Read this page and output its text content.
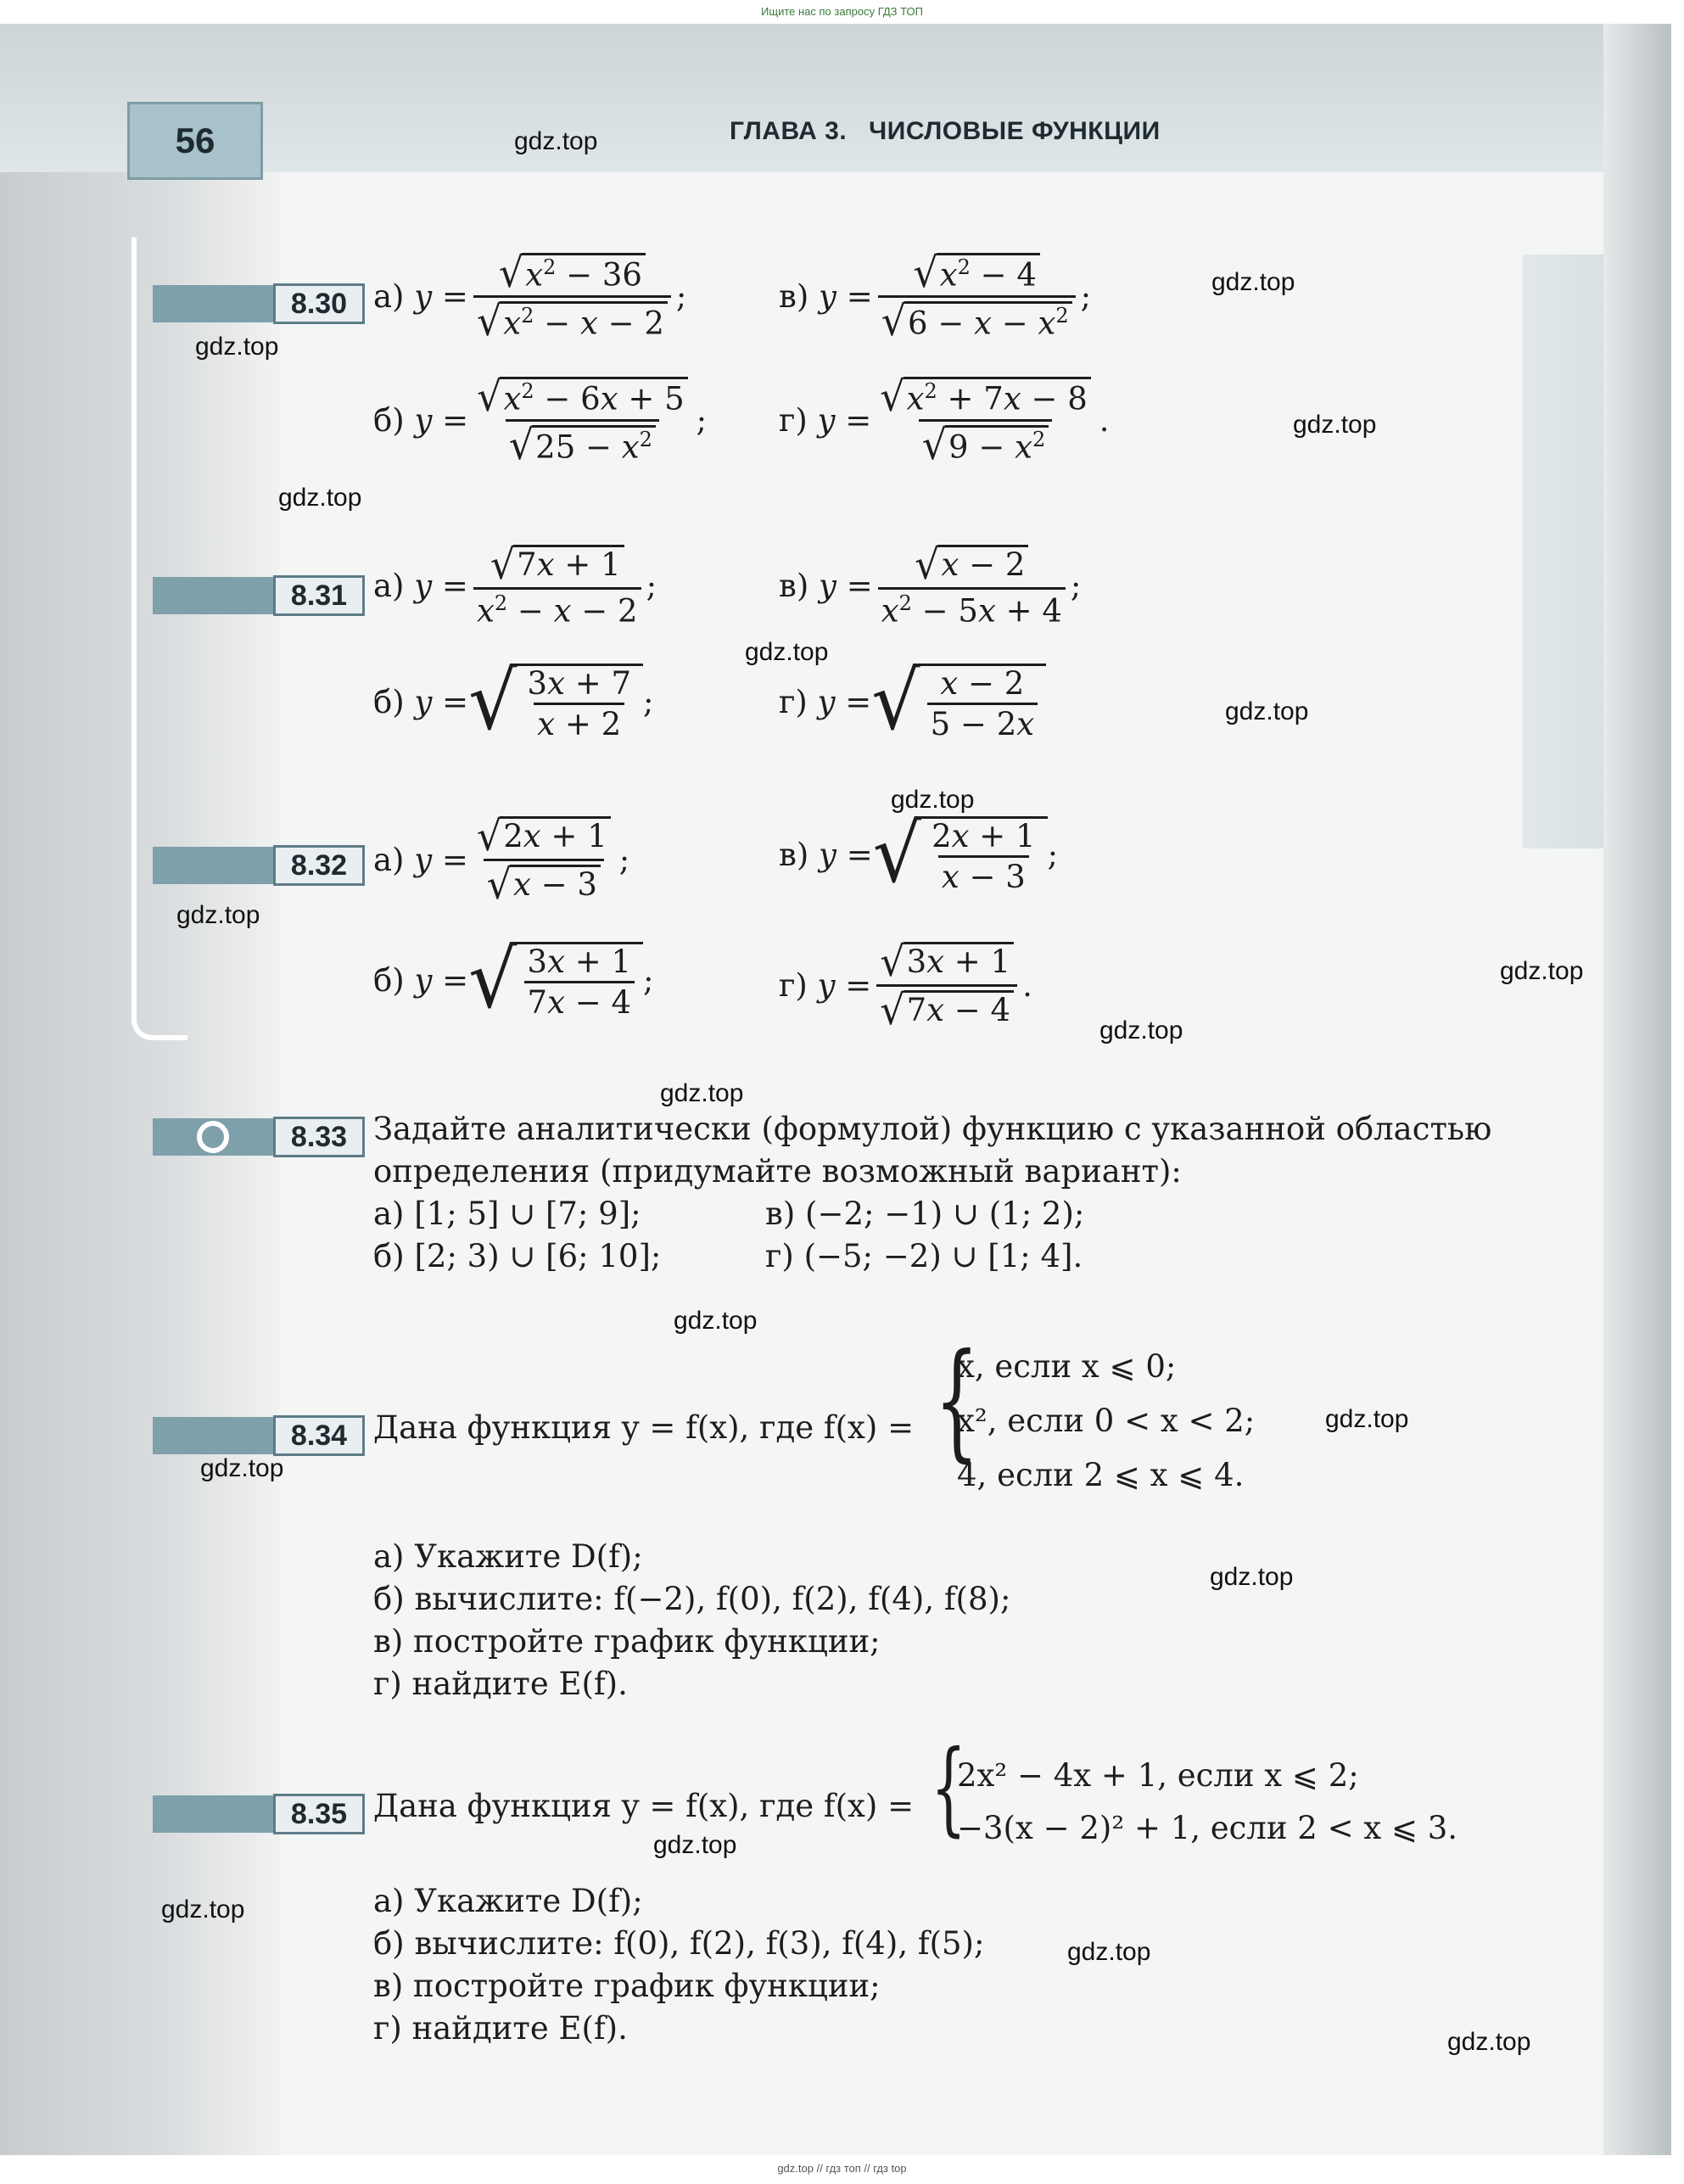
Ищите нас по запросу ГДЗ ТОП
56	ГЛАВА 3. ЧИСЛОВЫЕ ФУНКЦИИ
8.30 а) $y = \frac{√ x^2 - 36}{√ x^2 - x - 2}$ ;	в) $y = \frac{√ x^2 - 4}{√ 6 - x - x^2}$ ;
б) $y = \frac{√ x^2 - 6x + 5}{√ 25 - x^2}$ ; г) $y = \frac{√ x^2 + 7x - 8}{√ 9 - x^2}$ .
8.31 а) $y = \frac{√ 7x + 1}{x^2 - x - 2}$ ;	в) $y = \frac{√ x - 2}{x^2 - 5x + 4}$ ;
б) y = √ $\frac{3x + 7}{x + 2}$ ;	г) y = √ $\frac{x - 2}{5 - 2x}$
8.32 а) $y = \frac{√ 2x + 1}{√ x - 3}$ ;	в) y = √ $\frac{2x + 1}{x - 3}$ ;
б) y = √ $\frac{3x + 1}{7x - 4}$ ;	г) $y = \frac{√ 3x + 1}{√ 7x - 4}$ .
8.33 Задайте аналитически (формулой) функцию с указанной областью
определения (придумайте возможный вариант):
а) [1; 5] ∪ [7; 9];	в) (−2; −1) ∪ (1; 2);
б) [2; 3) ∪ [6; 10];	г) (−5; −2) ∪ [1; 4].
8.34 Дана функция y = f(x), где f(x) = {
x, если x ⩽ 0;
x², если 0 < x < 2;
4, если 2 ⩽ x ⩽ 4.
а) Укажите D(f);
б) вычислите: f(−2), f(0), f(2), f(4), f(8);
в) постройте график функции;
г) найдите E(f).
8.35 Дана функция y = f(x), где f(x) = {
2x² − 4x + 1, если x ⩽ 2;
−3(x − 2)² + 1, если 2 < x ⩽ 3.
а) Укажите D(f);
б) вычислите: f(0), f(2), f(3), f(4), f(5);
в) постройте график функции;
г) найдите E(f).
gdz.top
gdz.top
gdz.top
gdz.top
gdz.top
gdz.top
gdz.top
gdz.top
gdz.top
gdz.top
gdz.top
gdz.top
gdz.top
gdz.top
gdz.top
gdz.top
gdz.top
gdz.top
gdz.top
gdz.top
gdz.top // гдз топ // гдз top
